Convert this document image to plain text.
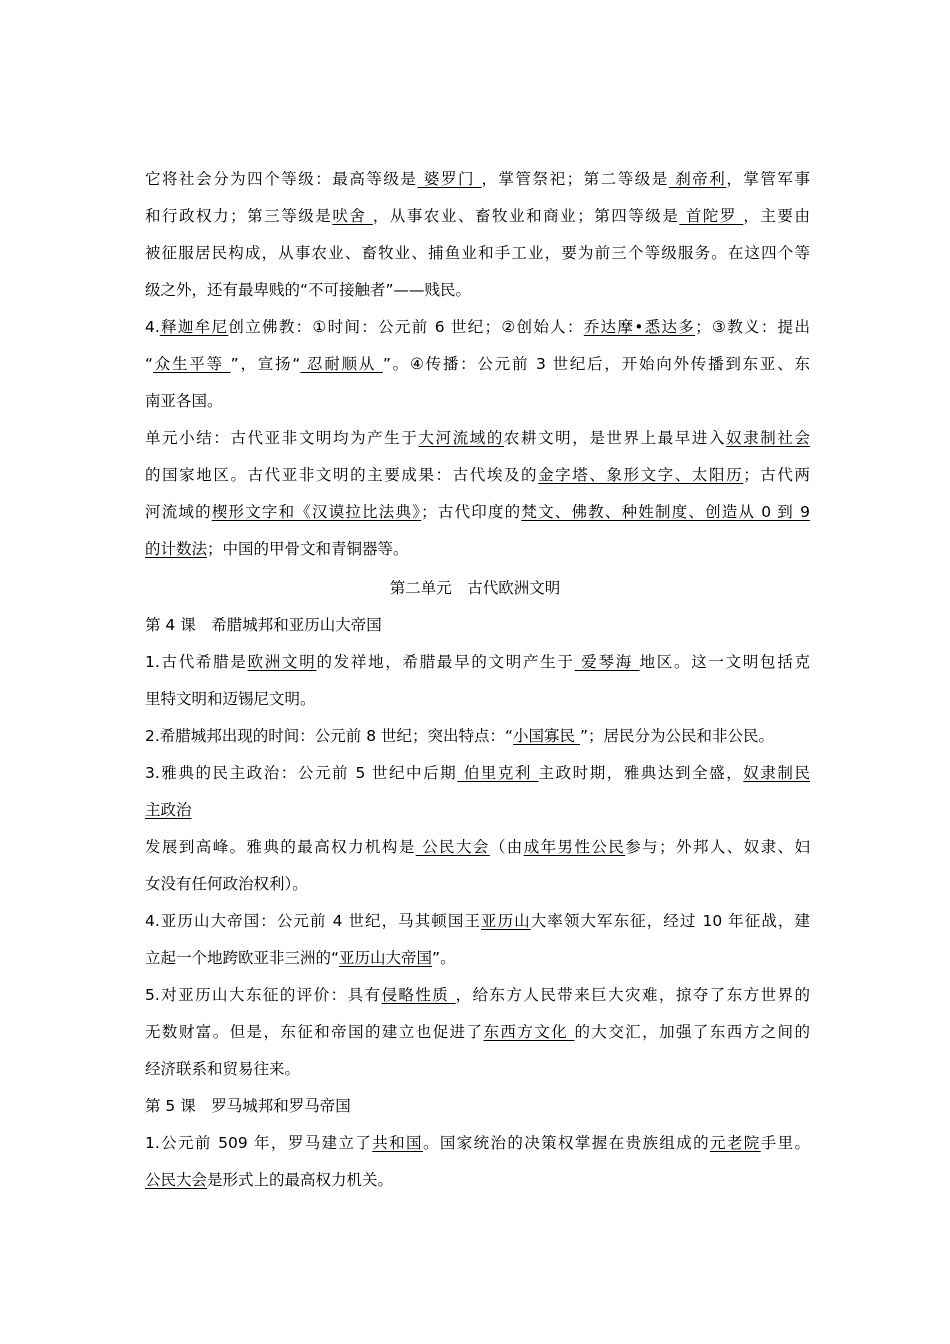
它将社会分为四个等级：最高等级是 婆罗门 ，掌管祭祀；第二等级是 刹帝利，掌管军事
和行政权力；第三等级是吠舍 ，从事农业、畜牧业和商业；第四等级是 首陀罗 ，主要由
被征服居民构成，从事农业、畜牧业、捕鱼业和手工业，要为前三个等级服务。在这四个等
级之外，还有最卑贱的“不可接触者”——贱民。
4.释迦牟尼创立佛教：①时间：公元前 6 世纪；②创始人：乔达摩•悉达多；③教义：提出
“众生平等 ”，宣扬“ 忍耐顺从 ”。④传播：公元前 3 世纪后，开始向外传播到东亚、东
南亚各国。
单元小结：古代亚非文明均为产生于大河流域的农耕文明，是世界上最早进入奴隶制社会
的国家地区。古代亚非文明的主要成果：古代埃及的金字塔、象形文字、太阳历；古代两
河流域的楔形文字和《汉谟拉比法典》；古代印度的梵文、佛教、种姓制度、创造从 0 到 9
的计数法；中国的甲骨文和青铜器等。
第二单元　古代欧洲文明
第 4 课　希腊城邦和亚历山大帝国
1.古代希腊是欧洲文明的发祥地，希腊最早的文明产生于 爱琴海 地区。这一文明包括克
里特文明和迈锡尼文明。
2.希腊城邦出现的时间：公元前 8 世纪；突出特点：“小国寡民 ”；居民分为公民和非公民。
3.雅典的民主政治：公元前 5 世纪中后期 伯里克利 主政时期，雅典达到全盛，奴隶制民
主政治
发展到高峰。雅典的最高权力机构是 公民大会（由成年男性公民参与；外邦人、奴隶、妇
女没有任何政治权利）。
4.亚历山大帝国：公元前 4 世纪，马其顿国王亚历山大率领大军东征，经过 10 年征战，建
立起一个地跨欧亚非三洲的“亚历山大帝国”。
5.对亚历山大东征的评价：具有侵略性质 ，给东方人民带来巨大灾难，掠夺了东方世界的
无数财富。但是，东征和帝国的建立也促进了东西方文化 的大交汇，加强了东西方之间的
经济联系和贸易往来。
第 5 课　罗马城邦和罗马帝国
1.公元前 509 年，罗马建立了共和国。国家统治的决策权掌握在贵族组成的元老院手里。
公民大会是形式上的最高权力机关。
